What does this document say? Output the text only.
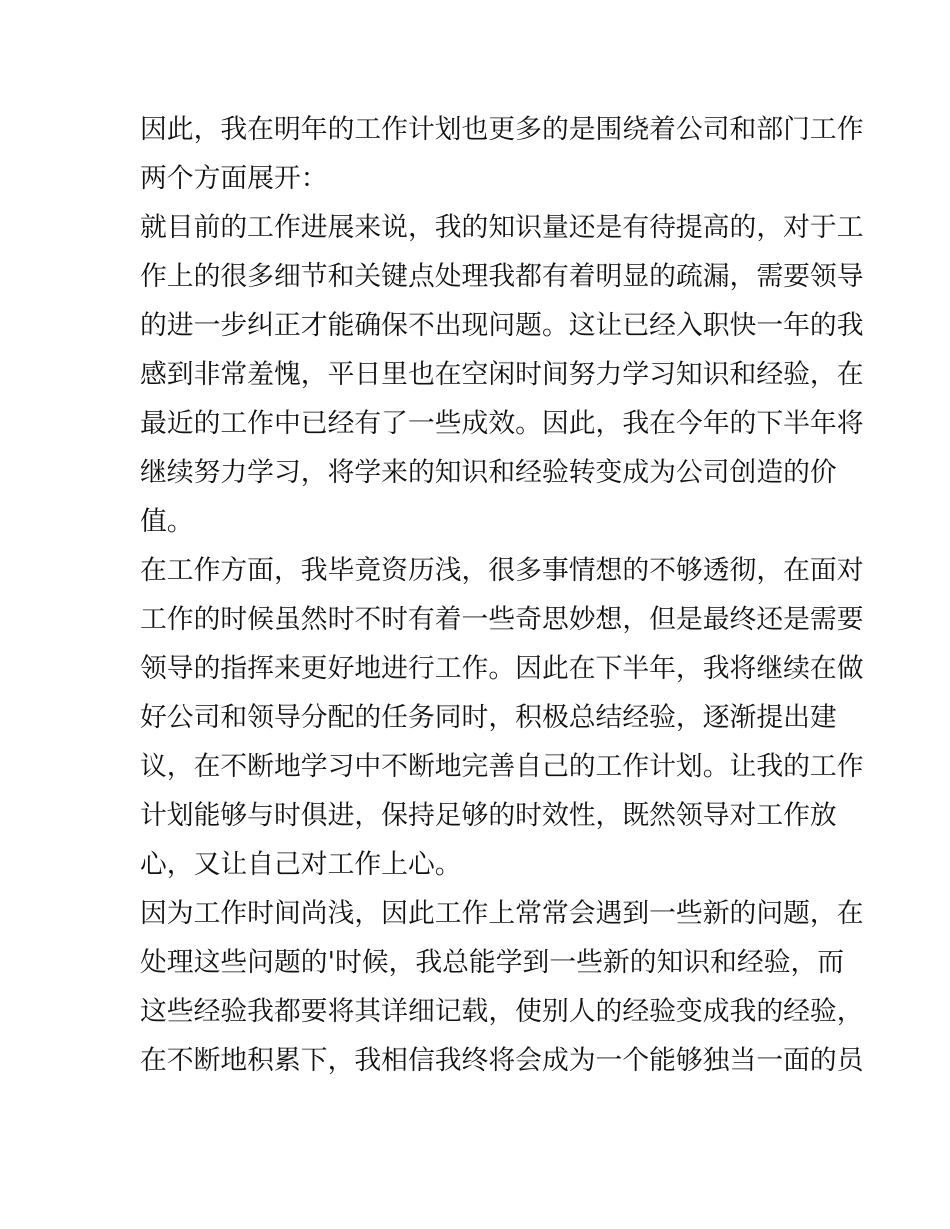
因此，我在明年的工作计划也更多的是围绕着公司和部门工作
两个方面展开：
就目前的工作进展来说，我的知识量还是有待提高的，对于工
作上的很多细节和关键点处理我都有着明显的疏漏，需要领导
的进一步纠正才能确保不出现问题。这让已经入职快一年的我
感到非常羞愧，平日里也在空闲时间努力学习知识和经验，在
最近的工作中已经有了一些成效。因此，我在今年的下半年将
继续努力学习，将学来的知识和经验转变成为公司创造的价
值。
在工作方面，我毕竟资历浅，很多事情想的不够透彻，在面对
工作的时候虽然时不时有着一些奇思妙想，但是最终还是需要
领导的指挥来更好地进行工作。因此在下半年，我将继续在做
好公司和领导分配的任务同时，积极总结经验，逐渐提出建
议，在不断地学习中不断地完善自己的工作计划。让我的工作
计划能够与时俱进，保持足够的时效性，既然领导对工作放
心，又让自己对工作上心。
因为工作时间尚浅，因此工作上常常会遇到一些新的问题，在
处理这些问题的'时候，我总能学到一些新的知识和经验，而
这些经验我都要将其详细记载，使别人的经验变成我的经验，
在不断地积累下，我相信我终将会成为一个能够独当一面的员
